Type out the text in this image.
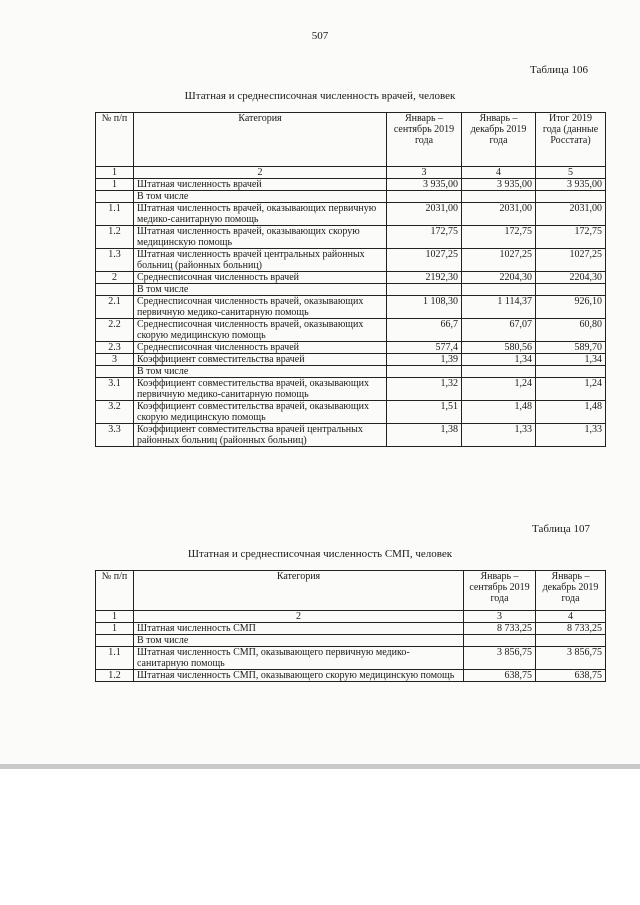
507
Таблица 106
Штатная и среднесписочная численность врачей, человек
№ п/п	Категория	Январь – сентябрь 2019 года	Январь – декабрь 2019 года	Итог 2019 года (данные Росстата)
1	2	3	4	5
1	Штатная численность врачей	3 935,00	3 935,00	3 935,00
	В том числе			
1.1	Штатная численность врачей, оказывающих первичную медико-санитарную помощь	2031,00	2031,00	2031,00
1.2	Штатная численность врачей, оказывающих скорую медицинскую помощь	172,75	172,75	172,75
1.3	Штатная численность врачей центральных районных больниц (районных больниц)	1027,25	1027,25	1027,25
2	Среднесписочная численность врачей	2192,30	2204,30	2204,30
	В том числе			
2.1	Среднесписочная численность врачей, оказывающих первичную медико-санитарную помощь	1 108,30	1 114,37	926,10
2.2	Среднесписочная численность врачей, оказывающих скорую медицинскую помощь	66,7	67,07	60,80
2.3	Среднесписочная численность врачей	577,4	580,56	589,70
3	Коэффициент совместительства врачей	1,39	1,34	1,34
	В том числе			
3.1	Коэффициент совместительства врачей, оказывающих первичную медико-санитарную помощь	1,32	1,24	1,24
3.2	Коэффициент совместительства врачей, оказывающих скорую медицинскую помощь	1,51	1,48	1,48
3.3	Коэффициент совместительства врачей центральных районных больниц (районных больниц)	1,38	1,33	1,33
Таблица 107
Штатная и среднесписочная численность СМП, человек
№ п/п	Категория	Январь – сентябрь 2019 года	Январь – декабрь 2019 года
1	2	3	4
1	Штатная численность СМП	8 733,25	8 733,25
	В том числе		
1.1	Штатная численность СМП, оказывающего первичную медико-санитарную помощь	3 856,75	3 856,75
1.2	Штатная численность СМП, оказывающего скорую медицинскую помощь	638,75	638,75
